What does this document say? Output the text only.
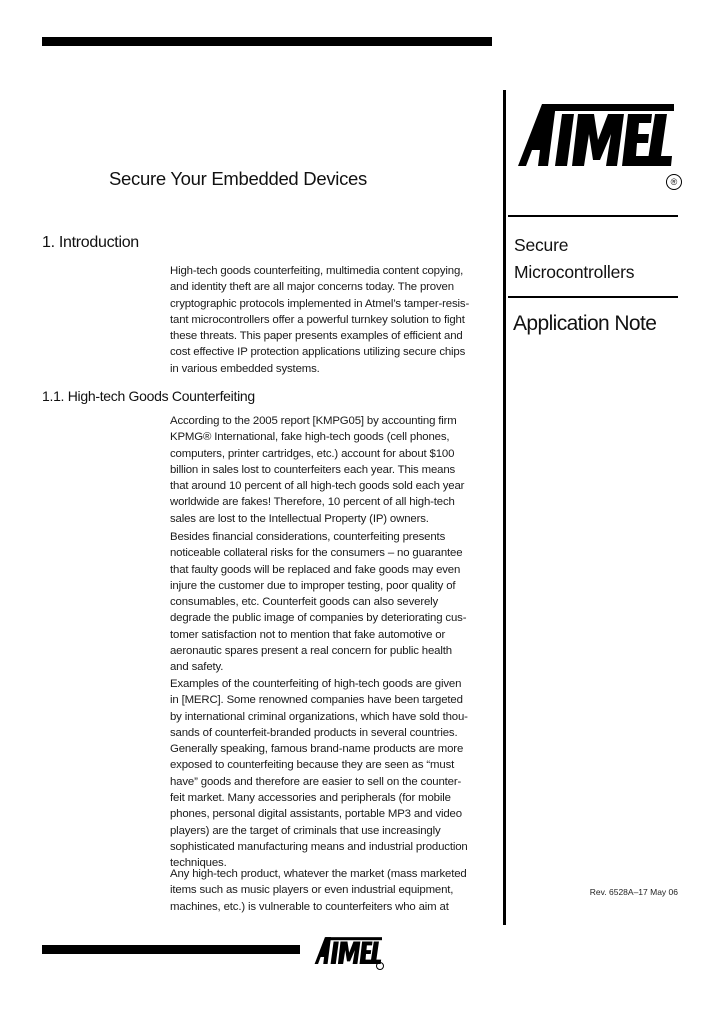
®
Secure
Microcontrollers
Application Note
Rev. 6528A–17 May 06
Secure Your Embedded Devices
1. Introduction
High-tech goods counterfeiting, multimedia content copying,
and identity theft are all major concerns today. The proven
cryptographic protocols implemented in Atmel’s tamper-resis-
tant microcontrollers offer a powerful turnkey solution to fight
these threats. This paper presents examples of efficient and
cost effective IP protection applications utilizing secure chips
in various embedded systems.
1.1. High-tech Goods Counterfeiting
According to the 2005 report [KMPG05] by accounting firm
KPMG® International, fake high-tech goods (cell phones,
computers, printer cartridges, etc.) account for about $100
billion in sales lost to counterfeiters each year. This means
that around 10 percent of all high-tech goods sold each year
worldwide are fakes! Therefore, 10 percent of all high-tech
sales are lost to the Intellectual Property (IP) owners.
Besides financial considerations, counterfeiting presents
noticeable collateral risks for the consumers – no guarantee
that faulty goods will be replaced and fake goods may even
injure the customer due to improper testing, poor quality of
consumables, etc. Counterfeit goods can also severely
degrade the public image of companies by deteriorating cus-
tomer satisfaction not to mention that fake automotive or
aeronautic spares present a real concern for public health
and safety.
Examples of the counterfeiting of high-tech goods are given
in [MERC]. Some renowned companies have been targeted
by international criminal organizations, which have sold thou-
sands of counterfeit-branded products in several countries.
Generally speaking, famous brand-name products are more
exposed to counterfeiting because they are seen as “must
have” goods and therefore are easier to sell on the counter-
feit market. Many accessories and peripherals (for mobile
phones, personal digital assistants, portable MP3 and video
players) are the target of criminals that use increasingly
sophisticated manufacturing means and industrial production
techniques.
Any high-tech product, whatever the market (mass marketed
items such as music players or even industrial equipment,
machines, etc.) is vulnerable to counterfeiters who aim at
